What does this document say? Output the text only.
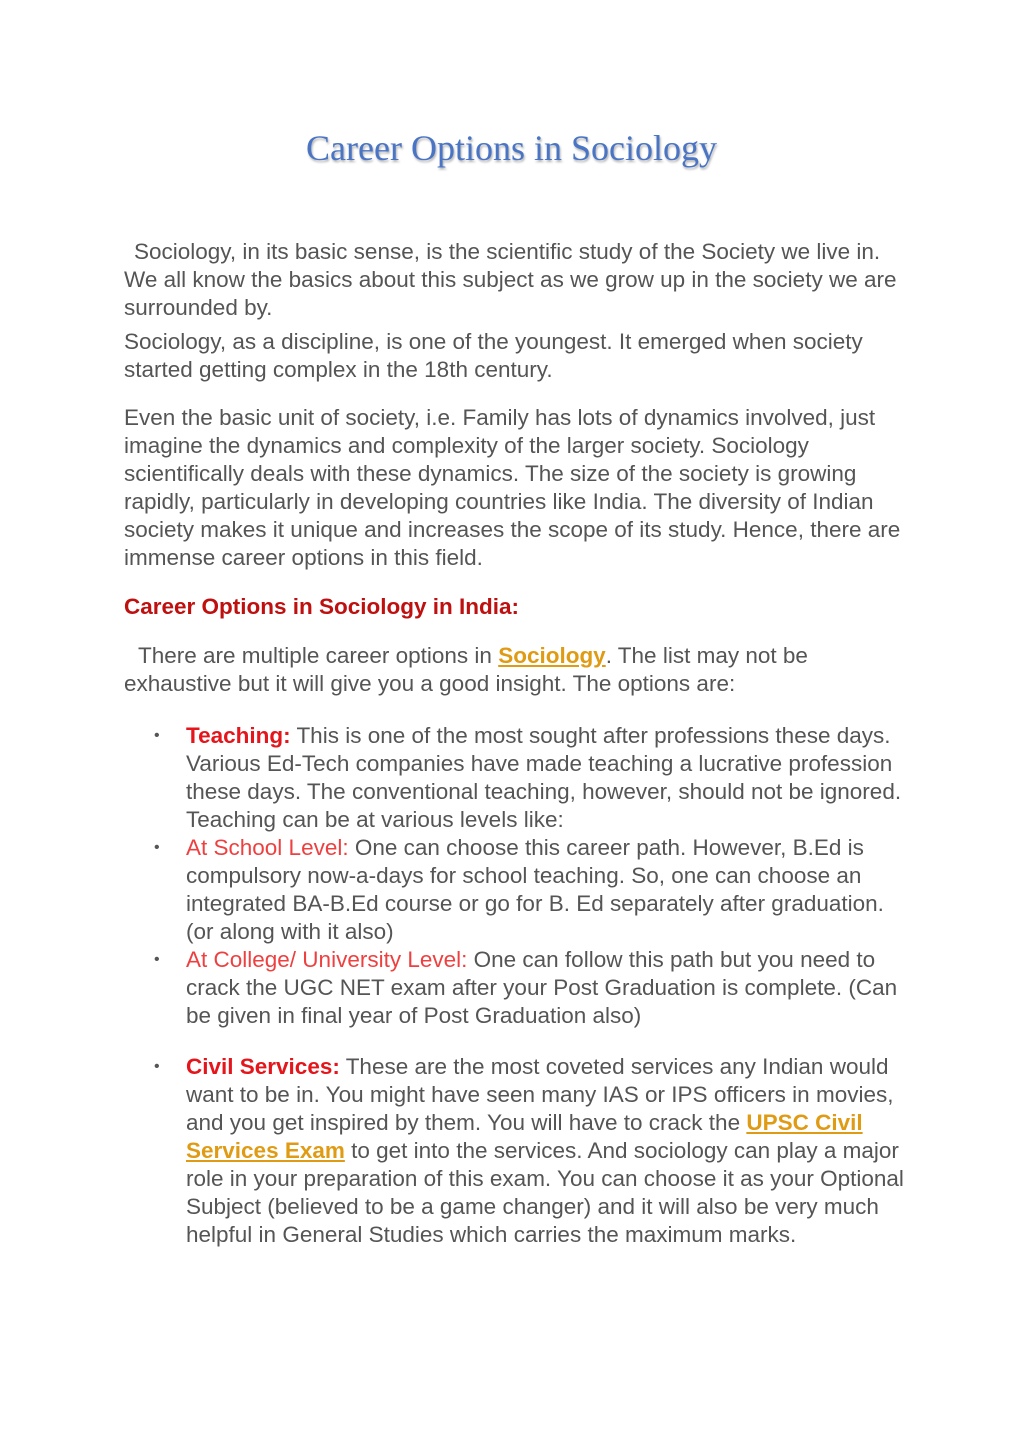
Career Options in Sociology

Sociology, in its basic sense, is the scientific study of the Society we live in. We all know the basics about this subject as we grow up in the society we are surrounded by.

Sociology, as a discipline, is one of the youngest. It emerged when society started getting complex in the 18th century.

Even the basic unit of society, i.e. Family has lots of dynamics involved, just imagine the dynamics and complexity of the larger society. Sociology scientifically deals with these dynamics. The size of the society is growing rapidly, particularly in developing countries like India. The diversity of Indian society makes it unique and increases the scope of its study. Hence, there are immense career options in this field.

Career Options in Sociology in India:

There are multiple career options in Sociology. The list may not be exhaustive but it will give you a good insight. The options are:

• Teaching: This is one of the most sought after professions these days. Various Ed-Tech companies have made teaching a lucrative profession these days. The conventional teaching, however, should not be ignored. Teaching can be at various levels like:
• At School Level: One can choose this career path. However, B.Ed is compulsory now-a-days for school teaching. So, one can choose an integrated BA-B.Ed course or go for B. Ed separately after graduation. (or along with it also)
• At College/ University Level: One can follow this path but you need to crack the UGC NET exam after your Post Graduation is complete. (Can be given in final year of Post Graduation also)
• Civil Services: These are the most coveted services any Indian would want to be in. You might have seen many IAS or IPS officers in movies, and you get inspired by them. You will have to crack the UPSC Civil Services Exam to get into the services. And sociology can play a major role in your preparation of this exam. You can choose it as your Optional Subject (believed to be a game changer) and it will also be very much helpful in General Studies which carries the maximum marks.
